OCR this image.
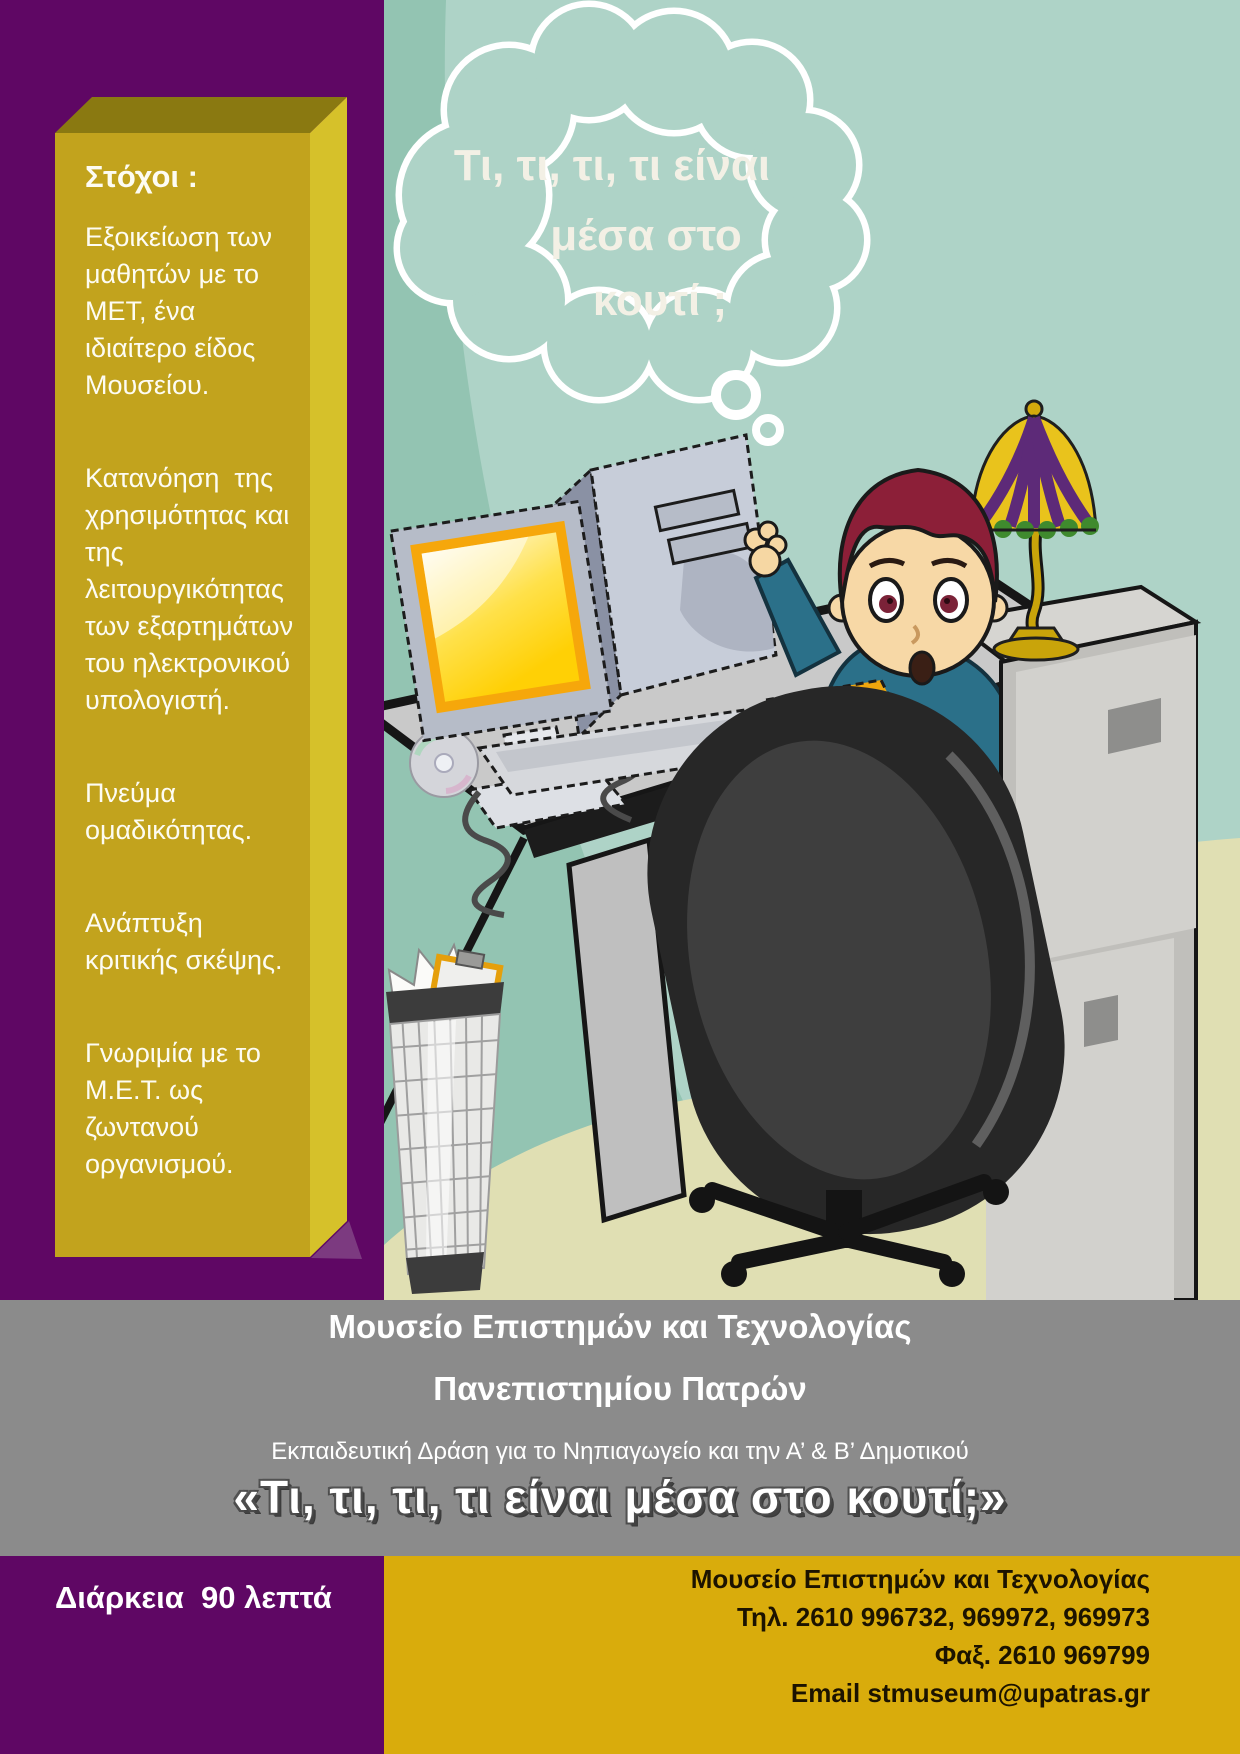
Τι, τι, τι, τι είναι
μέσα στο
κουτί ;
Στόχοι :

Εξοικείωση των μαθητών με το ΜΕΤ, ένα ιδιαίτερο είδος Μουσείου.

Κατανόηση  της χρησιμότητας και της λειτουργικότητας των εξαρτημάτων του ηλεκτρονικού υπολογιστή.

Πνεύμα ομαδικότητας.

Ανάπτυξη κριτικής σκέψης.

Γνωριμία με το Μ.Ε.Τ. ως ζωντανού οργανισμού.

Μουσείο Επιστημών και Τεχνολογίας
Πανεπιστημίου Πατρών
Εκπαιδευτική Δράση για το Νηπιαγωγείο και την Α’ & Β’ Δημοτικού
«Τι, τι, τι, τι είναι μέσα στο κουτί;»
Διάρκεια  90 λεπτά
Μουσείο Επιστημών και Τεχνολογίας
Τηλ. 2610 996732, 969972, 969973
Φαξ. 2610 969799
Email stmuseum@upatras.gr
